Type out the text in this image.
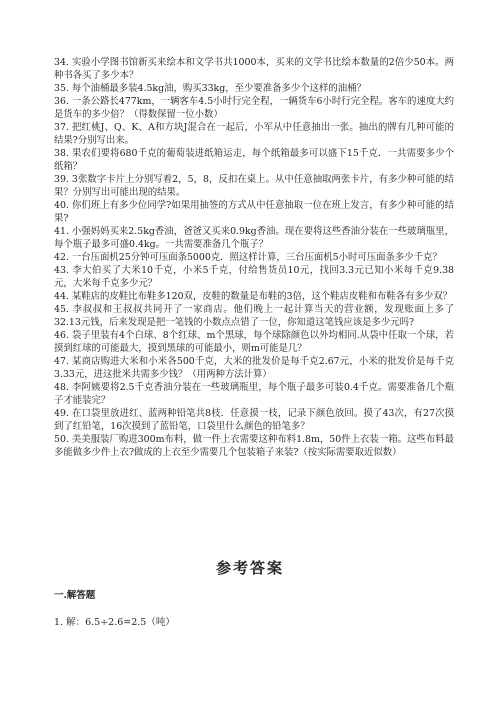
34. 实验小学图书馆新买来绘本和文学书共1000本，买来的文学书比绘本数量的2倍少50本。两种书各买了多少本？

35. 每个油桶最多装4.5kg油，购买33kg，至少要准备多少个这样的油桶？

36. 一条公路长477km，一辆客车4.5小时行完全程，一辆货车6小时行完全程。客车的速度大约是货车的多少倍？（得数保留一位小数）

37. 把红桃J、Q、K、A和方块J混合在一起后，小军从中任意抽出一张。抽出的牌有几种可能的结果?分别写出来。

38. 果农们要将680千克的葡萄装进纸箱运走，每个纸箱最多可以盛下15千克．一共需要多少个纸箱？

39. 3张数字卡片上分别写着2，5，8，反扣在桌上。从中任意抽取两张卡片，有多少种可能的结果？分别写出可能出现的结果。

40. 你们班上有多少位同学?如果用抽签的方式从中任意抽取一位在班上发言，有多少种可能的结果?

41. 小强妈妈买来2.5kg香油，爸爸又买来0.9kg香油。现在要将这些香油分装在一些玻璃瓶里，每个瓶子最多可盛0.4kg。一共需要准备几个瓶子？

42. 一台压面机25分钟可压面条5000克．照这样计算，三台压面机5小时可压面条多少千克？

43. 李大伯买了大米10千克，小米5千克，付给售货员10元，找回3.3元已知小米每千克9.38元，大米每千克多少元？

44. 某鞋店的皮鞋比布鞋多120双，皮鞋的数量是布鞋的3倍，这个鞋店皮鞋和布鞋各有多少双？

45. 李叔叔和王叔叔共同开了一家商店。他们晚上一起计算当天的营业额，发现账面上多了32.13元钱，后来发现是把一笔钱的小数点点错了一位，你知道这笔钱应该是多少元吗?

46. 袋子里装有4个白球、8个红球、m个黑球，每个球除颜色以外均相同.从袋中任取一个球，若摸到红球的可能最大，摸到黑球的可能最小，则m可能是几？

47. 某商店购进大米和小米各500千克，大米的批发价是每千克2.67元，小米的批发价是每千克3.33元，进这批米共需多少钱？（用两种方法计算）

48. 李阿姨要将2.5千克香油分装在一些玻璃瓶里，每个瓶子最多可装0.4千克。需要准备几个瓶子才能装完？

49. 在口袋里放进红、蓝两种铅笔共8枝．任意摸一枝，记录下颜色放回。摸了43次，有27次摸到了红铅笔，16次摸到了蓝铅笔，口袋里什么颜色的铅笔多？

50. 美美服装厂购进300m布料，做一件上衣需要这种布料1.8m，50件上衣装一箱。这些布料最多能做多少件上衣?做成的上衣至少需要几个包装箱子来装?（按实际需要取近似数）

参考答案
一.解答题
1. 解：6.5÷2.6=2.5（吨）
